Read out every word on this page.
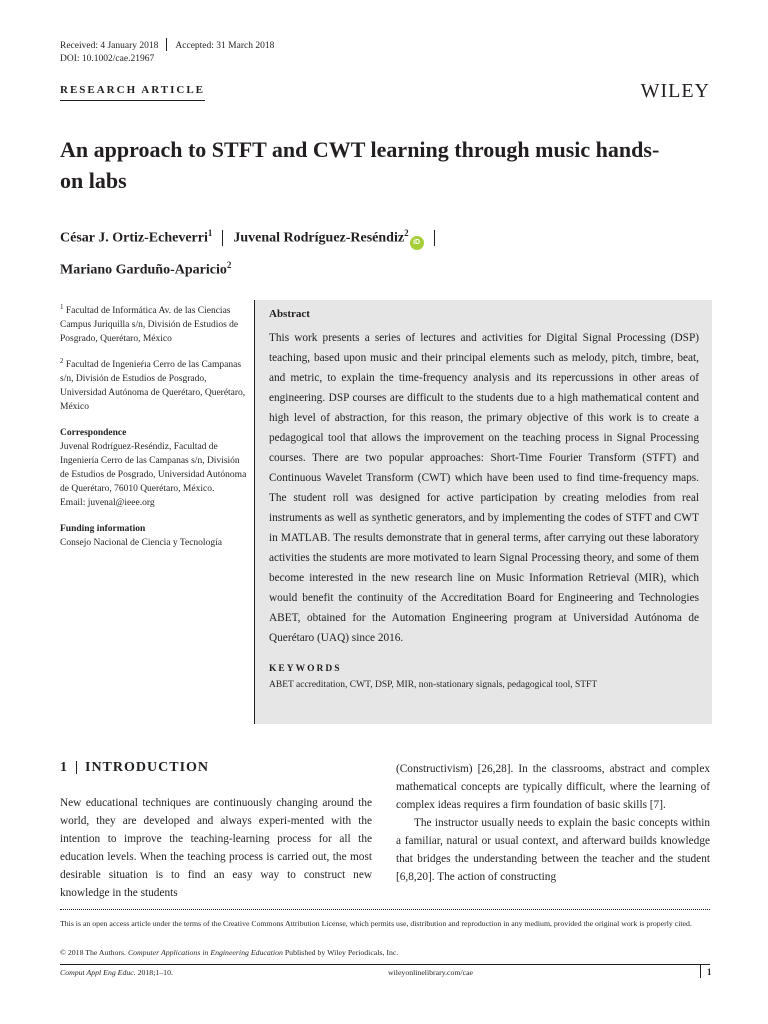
Received: 4 January 2018 Accepted: 31 March 2018
DOI: 10.1002/cae.21967
RESEARCH ARTICLE	WILEY
An approach to STFT and CWT learning through music hands-on labs
César J. Ortiz-Echeverri$^1$ Juvenal Rodríguez-Reséndiz$^2$iD
Mariano Garduño-Aparicio$^2$

$^1$ Facultad de Informática Av. de las Ciencias Campus Juriquilla s/n, División de Estudios de Posgrado, Querétaro, México

$^2$ Facultad de Ingenieŕıa Cerro de las Campanas s/n, División de Estudios de Posgrado, Universidad Autónoma de Querétaro, Querétaro, México

Correspondence
Juvenal Rodríguez-Reséndiz, Facultad de Ingeniería Cerro de las Campanas s/n, División de Estudios de Posgrado, Universidad Autónoma de Querétaro, 76010 Querétaro, México.
Email: juvenal@ieee.org
Funding information
Consejo Nacional de Ciencia y Tecnología
Abstract
This work presents a series of lectures and activities for Digital Signal Processing (DSP) teaching, based upon music and their principal elements such as melody, pitch, timbre, beat, and metric, to explain the time-frequency analysis and its repercussions in other areas of engineering. DSP courses are difficult to the students due to a high mathematical content and high level of abstraction, for this reason, the primary objective of this work is to create a pedagogical tool that allows the improvement on the teaching process in Signal Processing courses. There are two popular approaches: Short-Time Fourier Transform (STFT) and Continuous Wavelet Transform (CWT) which have been used to find time-frequency maps. The student roll was designed for active participation by creating melodies from real instruments as well as synthetic generators, and by implementing the codes of STFT and CWT in MATLAB. The results demonstrate that in general terms, after carrying out these laboratory activities the students are more motivated to learn Signal Processing theory, and some of them become interested in the new research line on Music Information Retrieval (MIR), which would benefit the continuity of the Accreditation Board for Engineering and Technologies ABET, obtained for the Automation Engineering program at Universidad Autónoma de Querétaro (UAQ) since 2016.
KEYWORDS
ABET accreditation, CWT, DSP, MIR, non-stationary signals, pedagogical tool, STFT
1 INTRODUCTION
New educational techniques are continuously changing around the world, they are developed and always experi-mented with the intention to improve the teaching-learning process for all the education levels. When the teaching process is carried out, the most desirable situation is to find an easy way to construct new knowledge in the students
(Constructivism) [26,28]. In the classrooms, abstract and complex mathematical concepts are typically difficult, where the learning of complex ideas requires a firm foundation of basic skills [7].
The instructor usually needs to explain the basic concepts within a familiar, natural or usual context, and afterward builds knowledge that bridges the understanding between the teacher and the student [6,8,20]. The action of constructing
This is an open access article under the terms of the Creative Commons Attribution License, which permits use, distribution and reproduction in any medium, provided the original work is properly cited.
© 2018 The Authors. Computer Applications in Engineering Education Published by Wiley Periodicals, Inc.
Comput Appl Eng Educ. 2018;1–10.	wileyonlinelibrary.com/cae	1
